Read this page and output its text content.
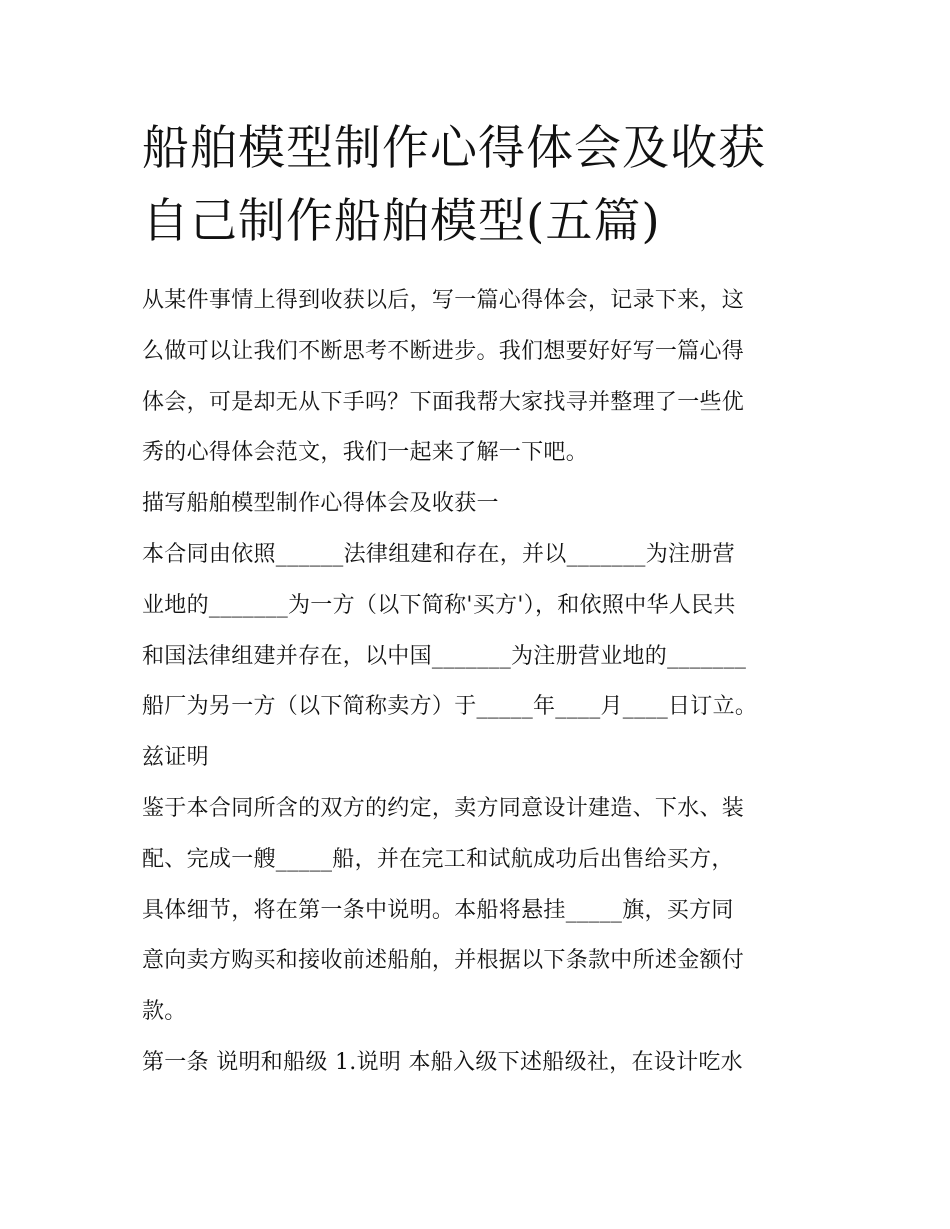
船舶模型制作心得体会及收获
自己制作船舶模型(五篇)
从某件事情上得到收获以后，写一篇心得体会，记录下来，这
么做可以让我们不断思考不断进步。我们想要好好写一篇心得
体会，可是却无从下手吗？下面我帮大家找寻并整理了一些优
秀的心得体会范文，我们一起来了解一下吧。
描写船舶模型制作心得体会及收获一
本合同由依照______法律组建和存在，并以_______为注册营
业地的_______为一方（以下简称'买方'），和依照中华人民共
和国法律组建并存在，以中国_______为注册营业地的_______
船厂为另一方（以下简称卖方）于_____年____月____日订立。
兹证明
鉴于本合同所含的双方的约定，卖方同意设计建造、下水、装
配、完成一艘_____船，并在完工和试航成功后出售给买方，
具体细节，将在第一条中说明。本船将悬挂_____旗，买方同
意向卖方购买和接收前述船舶，并根据以下条款中所述金额付
款。
第一条 说明和船级 1.说明 本船入级下述船级社，在设计吃水
